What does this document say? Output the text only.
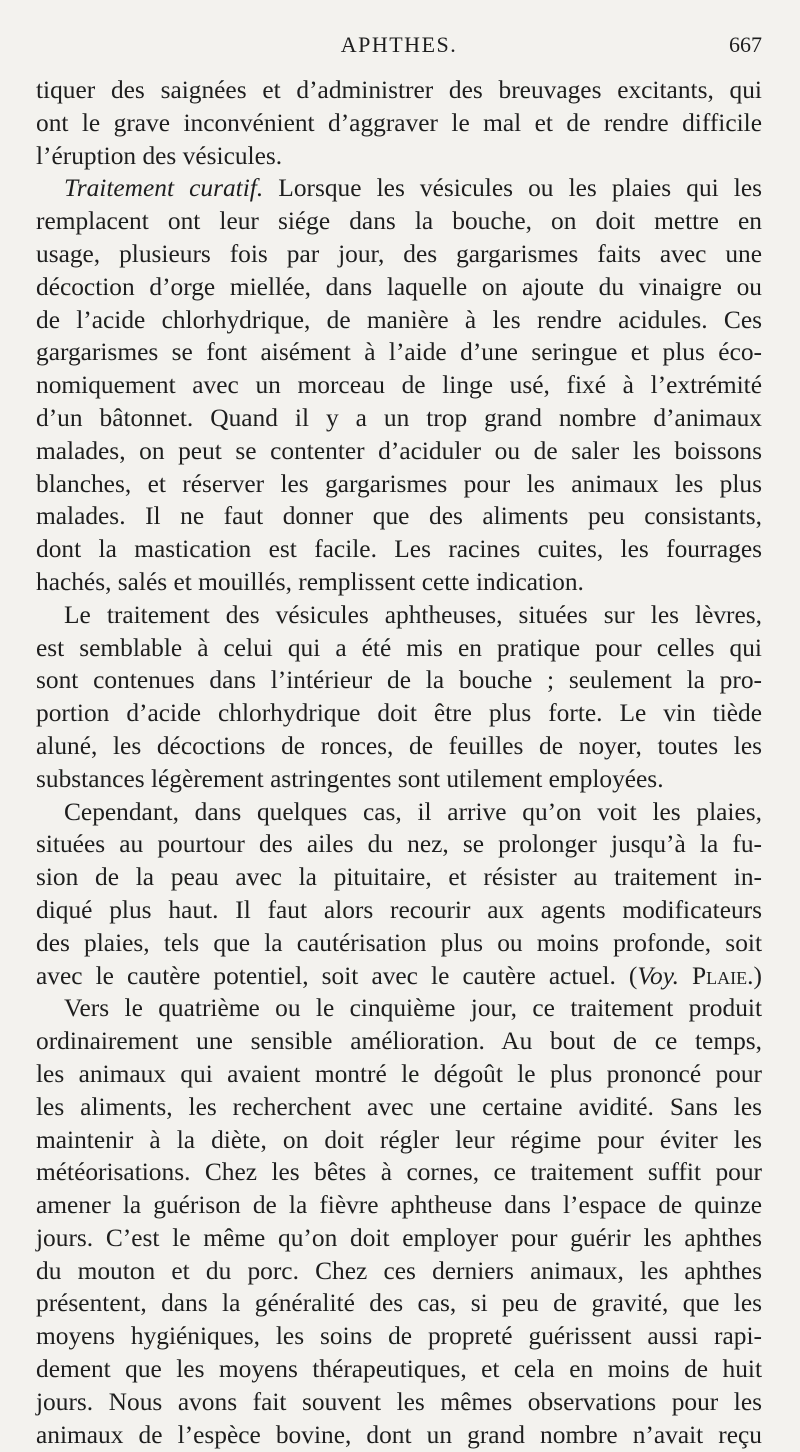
APHTHES.	667
tiquer des saignées et d’administrer des breuvages excitants, qui
ont le grave inconvénient d’aggraver le mal et de rendre difficile
l’éruption des vésicules.
Traitement curatif. Lorsque les vésicules ou les plaies qui les
remplacent ont leur siége dans la bouche, on doit mettre en
usage, plusieurs fois par jour, des gargarismes faits avec une
décoction d’orge miellée, dans laquelle on ajoute du vinaigre ou
de l’acide chlorhydrique, de manière à les rendre acidules. Ces
gargarismes se font aisément à l’aide d’une seringue et plus éco-
nomiquement avec un morceau de linge usé, fixé à l’extrémité
d’un bâtonnet. Quand il y a un trop grand nombre d’animaux
malades, on peut se contenter d’aciduler ou de saler les boissons
blanches, et réserver les gargarismes pour les animaux les plus
malades. Il ne faut donner que des aliments peu consistants,
dont la mastication est facile. Les racines cuites, les fourrages
hachés, salés et mouillés, remplissent cette indication.
Le traitement des vésicules aphtheuses, situées sur les lèvres,
est semblable à celui qui a été mis en pratique pour celles qui
sont contenues dans l’intérieur de la bouche ; seulement la pro-
portion d’acide chlorhydrique doit être plus forte. Le vin tiède
aluné, les décoctions de ronces, de feuilles de noyer, toutes les
substances légèrement astringentes sont utilement employées.
Cependant, dans quelques cas, il arrive qu’on voit les plaies,
situées au pourtour des ailes du nez, se prolonger jusqu’à la fu-
sion de la peau avec la pituitaire, et résister au traitement in-
diqué plus haut. Il faut alors recourir aux agents modificateurs
des plaies, tels que la cautérisation plus ou moins profonde, soit
avec le cautère potentiel, soit avec le cautère actuel. (Voy. Plaie.)
Vers le quatrième ou le cinquième jour, ce traitement produit
ordinairement une sensible amélioration. Au bout de ce temps,
les animaux qui avaient montré le dégoût le plus prononcé pour
les aliments, les recherchent avec une certaine avidité. Sans les
maintenir à la diète, on doit régler leur régime pour éviter les
météorisations. Chez les bêtes à cornes, ce traitement suffit pour
amener la guérison de la fièvre aphtheuse dans l’espace de quinze
jours. C’est le même qu’on doit employer pour guérir les aphthes
du mouton et du porc. Chez ces derniers animaux, les aphthes
présentent, dans la généralité des cas, si peu de gravité, que les
moyens hygiéniques, les soins de propreté guérissent aussi rapi-
dement que les moyens thérapeutiques, et cela en moins de huit
jours. Nous avons fait souvent les mêmes observations pour les
animaux de l’espèce bovine, dont un grand nombre n’avait reçu
